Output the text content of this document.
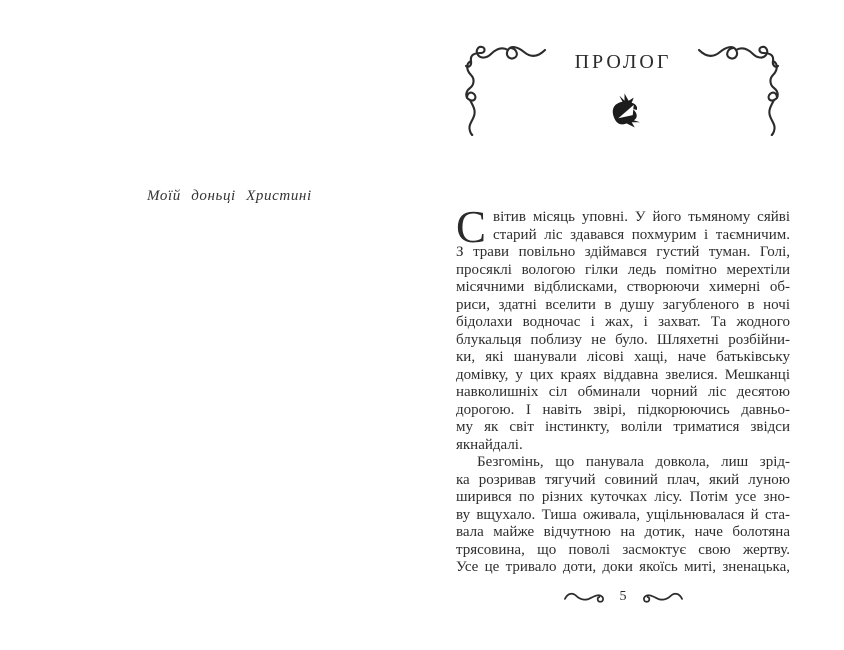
Моїй доньці Христині
ПРОЛОГ
С вітив місяць уповні. У його тьмяному сяйві
старий ліс здавався похмурим і таємничим.
З трави повільно здіймався густий туман. Голі,
просяклі вологою гілки ледь помітно мерехтіли
місячними відблисками, створюючи химерні об-
риси, здатні вселити в душу загубленого в ночі
бідолахи водночас і жах, і захват. Та жодного
блукальця поблизу не було. Шляхетні розбійни-
ки, які шанували лісові хащі, наче батьківську
домівку, у цих краях віддавна звелися. Мешканці
навколишніх сіл обминали чорний ліс десятою
дорогою. І навіть звірі, підкорюючись давньо-
му як світ інстинкту, воліли триматися звідси
якнайдалі.
Безгомінь, що панувала довкола, лиш зрід-
ка розривав тягучий совиний плач, який луною
ширився по різних куточках лісу. Потім усе зно-
ву вщухало. Тиша оживала, ущільнювалася й ста-
вала майже відчутною на дотик, наче болотяна
трясовина, що поволі засмоктує свою жертву.
Усе це тривало доти, доки якоїсь миті, зненацька,
5
